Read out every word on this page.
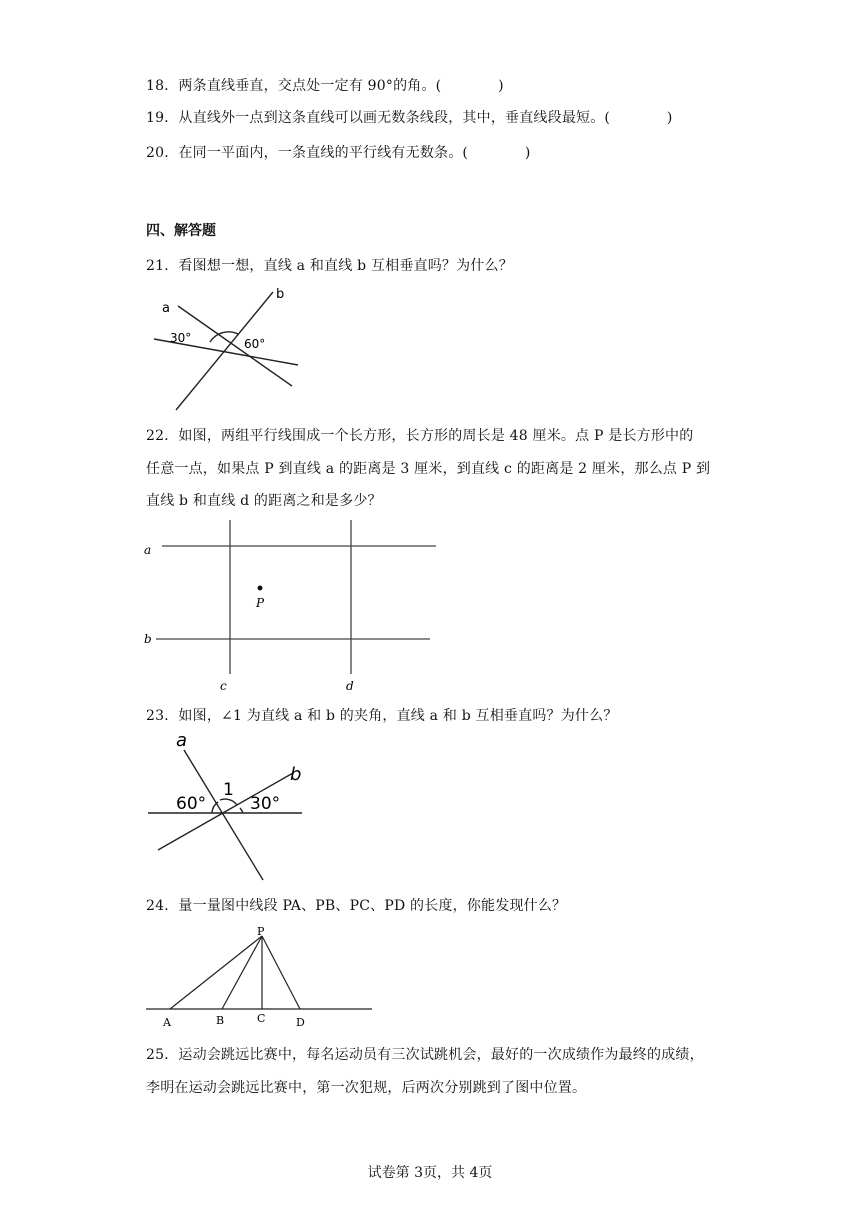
18．两条直线垂直，交点处一定有 90°的角。(　　　　)
19．从直线外一点到这条直线可以画无数条线段，其中，垂直线段最短。(　　　　)
20．在同一平面内，一条直线的平行线有无数条。(　　　　)
四、解答题
21．看图想一想，直线 a 和直线 b 互相垂直吗？为什么？
a
b
30°	60°
22．如图，两组平行线围成一个长方形，长方形的周长是 48 厘米。点 P 是长方形中的
任意一点，如果点 P 到直线 a 的距离是 3 厘米，到直线 c 的距离是 2 厘米，那么点 P 到
直线 b 和直线 d 的距离之和是多少？
a
b
c	d
P
23．如图，∠1 为直线 a 和 b 的夹角，直线 a 和 b 互相垂直吗？为什么？
a
b
60°
1
30°
24．量一量图中线段 PA、PB、PC、PD 的长度，你能发现什么？
P
A	B	C	D
25．运动会跳远比赛中，每名运动员有三次试跳机会，最好的一次成绩作为最终的成绩，
李明在运动会跳远比赛中，第一次犯规，后两次分别跳到了图中位置。
试卷第 3页，共 4页
